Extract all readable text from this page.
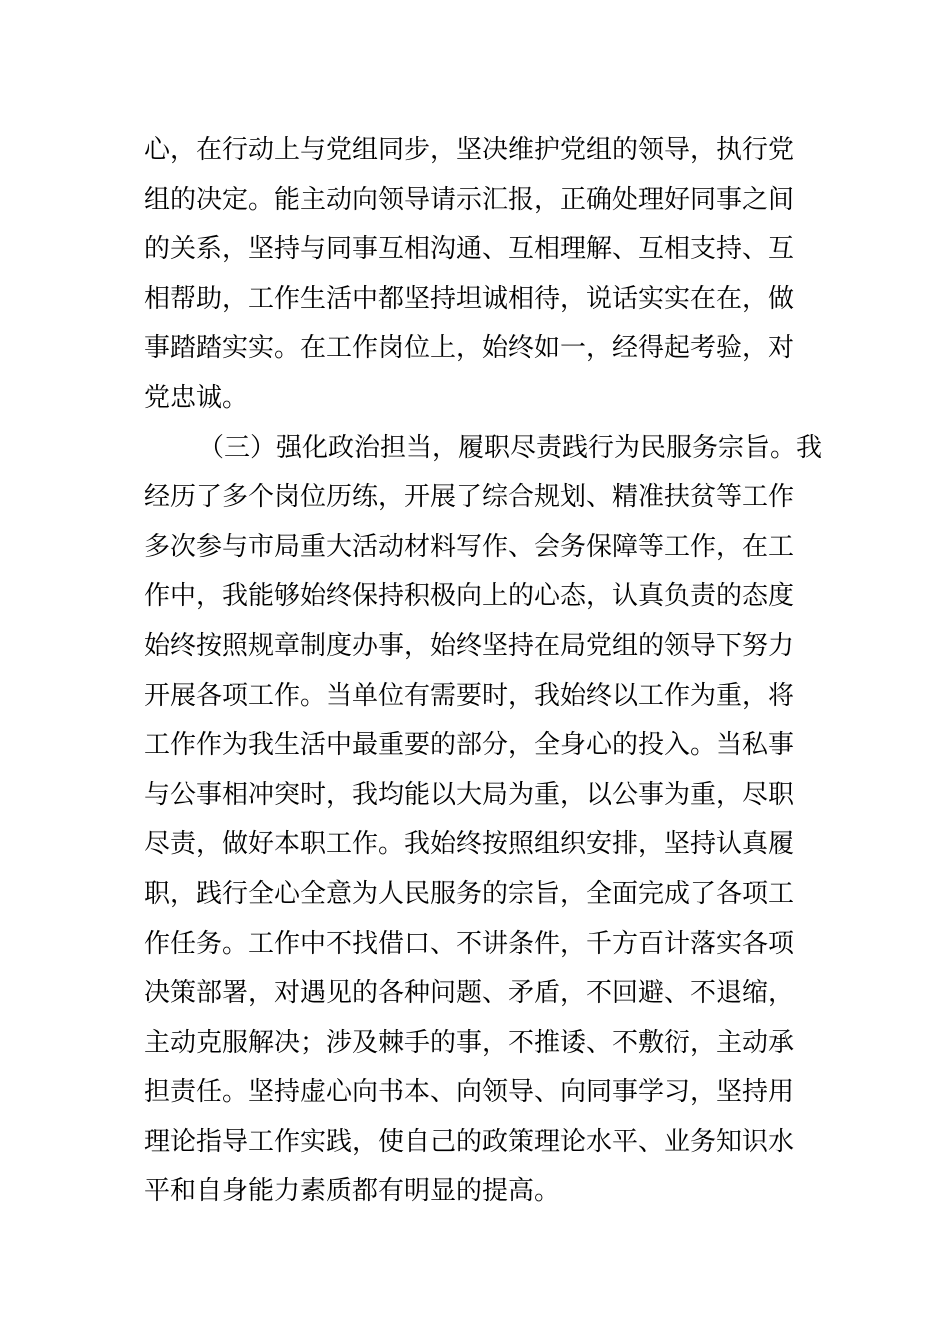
心，在行动上与党组同步，坚决维护党组的领导，执行党
组的决定。能主动向领导请示汇报，正确处理好同事之间
的关系，坚持与同事互相沟通、互相理解、互相支持、互
相帮助，工作生活中都坚持坦诚相待，说话实实在在，做
事踏踏实实。在工作岗位上，始终如一，经得起考验，对
党忠诚。
（三）强化政治担当，履职尽责践行为民服务宗旨。我
经历了多个岗位历练，开展了综合规划、精准扶贫等工作
多次参与市局重大活动材料写作、会务保障等工作，在工
作中，我能够始终保持积极向上的心态，认真负责的态度
始终按照规章制度办事，始终坚持在局党组的领导下努力
开展各项工作。当单位有需要时，我始终以工作为重，将
工作作为我生活中最重要的部分，全身心的投入。当私事
与公事相冲突时，我均能以大局为重，以公事为重，尽职
尽责，做好本职工作。我始终按照组织安排，坚持认真履
职，践行全心全意为人民服务的宗旨，全面完成了各项工
作任务。工作中不找借口、不讲条件，千方百计落实各项
决策部署，对遇见的各种问题、矛盾，不回避、不退缩，
主动克服解决；涉及棘手的事，不推诿、不敷衍，主动承
担责任。坚持虚心向书本、向领导、向同事学习，坚持用
理论指导工作实践，使自己的政策理论水平、业务知识水
平和自身能力素质都有明显的提高。
